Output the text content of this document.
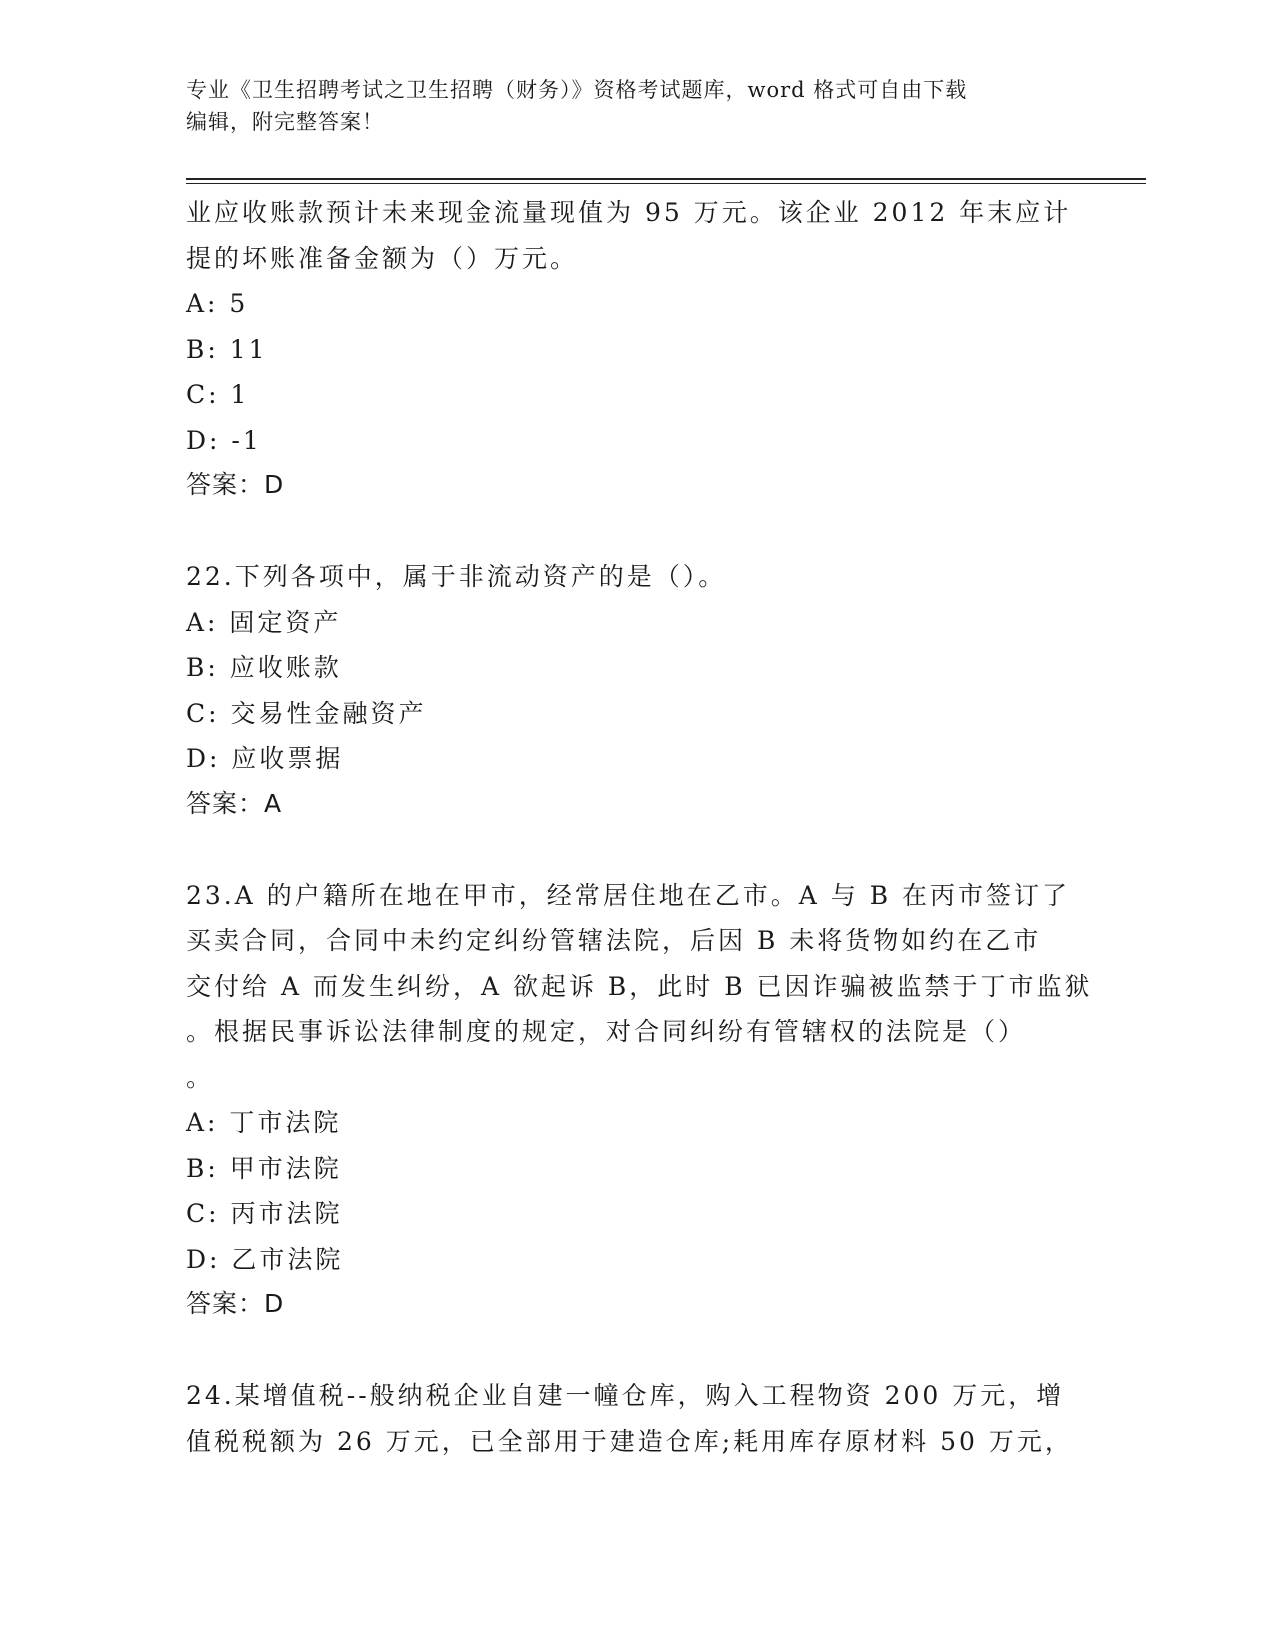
专业《卫生招聘考试之卫生招聘（财务）》资格考试题库，word 格式可自由下载
编辑，附完整答案！
业应收账款预计未来现金流量现值为 95 万元。该企业 2012 年末应计
提的坏账准备金额为（）万元。
A: 5
B: 11
C: 1
D: -1
答案：D
22.下列各项中，属于非流动资产的是（）。
A: 固定资产
B: 应收账款
C: 交易性金融资产
D: 应收票据
答案：A
23.A 的户籍所在地在甲市，经常居住地在乙市。A 与 B 在丙市签订了
买卖合同，合同中未约定纠纷管辖法院，后因 B 未将货物如约在乙市
交付给 A 而发生纠纷，A 欲起诉 B，此时 B 已因诈骗被监禁于丁市监狱
。根据民事诉讼法律制度的规定，对合同纠纷有管辖权的法院是（）
。
A: 丁市法院
B: 甲市法院
C: 丙市法院
D: 乙市法院
答案：D
24.某增值税--般纳税企业自建一幢仓库，购入工程物资 200 万元，增
值税税额为 26 万元，已全部用于建造仓库;耗用库存原材料 50 万元，
